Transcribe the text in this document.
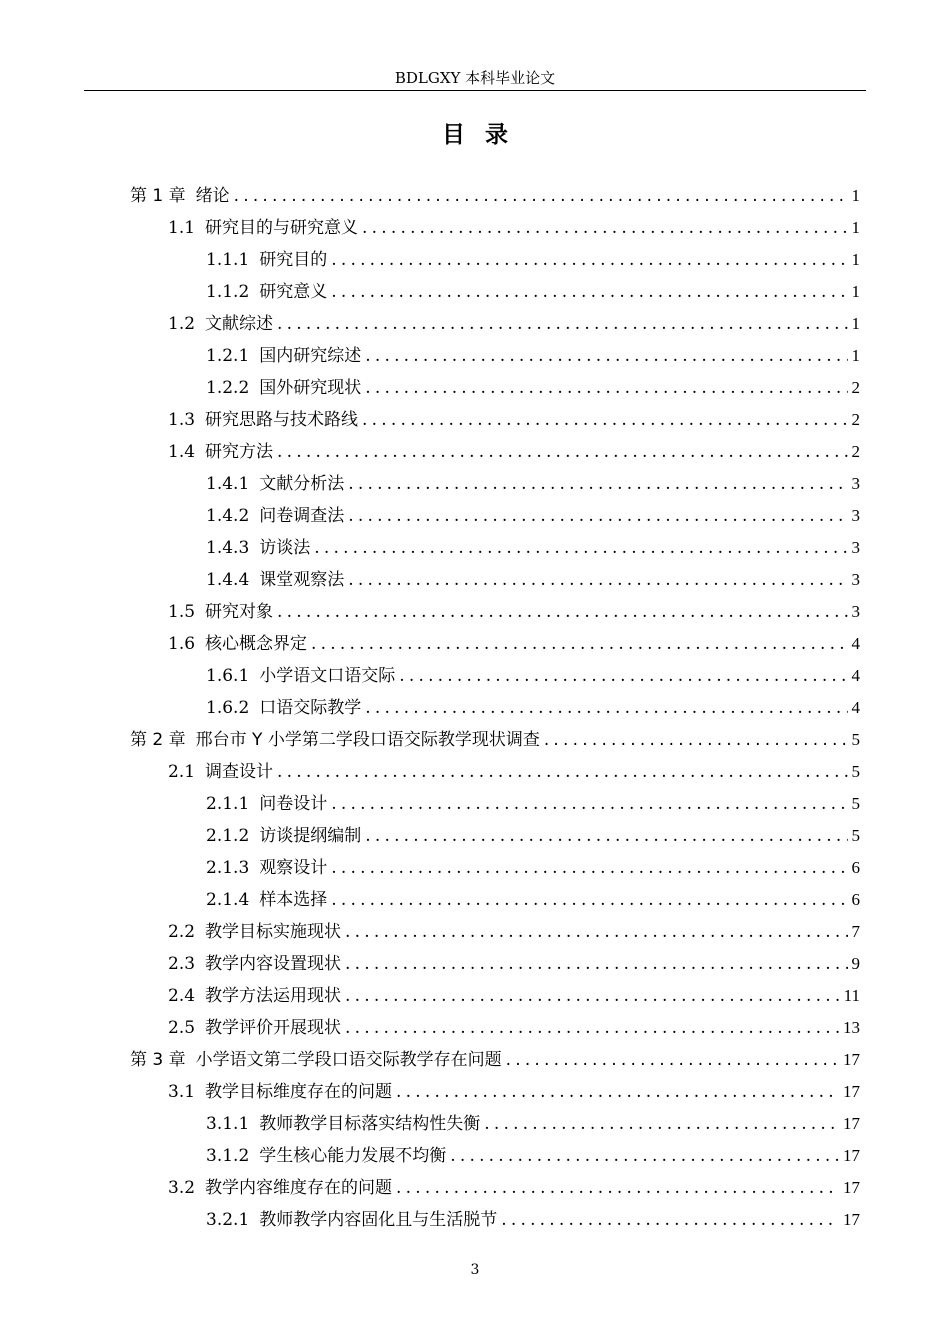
BDLGXY 本科毕业论文
目录
第 1 章 绪论 .....	1
1.1 研究目的与研究意义 .....	1
1.1.1 研究目的 .....	1
1.1.2 研究意义 .....	1
1.2 文献综述 .....	1
1.2.1 国内研究综述 .....	1
1.2.2 国外研究现状 .....	2
1.3 研究思路与技术路线 .....	2
1.4 研究方法 .....	2
1.4.1 文献分析法 .....	3
1.4.2 问卷调查法 .....	3
1.4.3 访谈法 .....	3
1.4.4 课堂观察法 .....	3
1.5 研究对象 .....	3
1.6 核心概念界定 .....	4
1.6.1 小学语文口语交际 .....	4
1.6.2 口语交际教学 .....	4
第 2 章 邢台市 Y 小学第二学段口语交际教学现状调查 .....	5
2.1 调查设计 .....	5
2.1.1 问卷设计 .....	5
2.1.2 访谈提纲编制 .....	5
2.1.3 观察设计 .....	6
2.1.4 样本选择 .....	6
2.2 教学目标实施现状 .....	7
2.3 教学内容设置现状 .....	9
2.4 教学方法运用现状 .....	11
2.5 教学评价开展现状 .....	13
第 3 章 小学语文第二学段口语交际教学存在问题 .....	17
3.1 教学目标维度存在的问题 .....	17
3.1.1 教师教学目标落实结构性失衡 .....	17
3.1.2 学生核心能力发展不均衡 .....	17
3.2 教学内容维度存在的问题 .....	17
3.2.1 教师教学内容固化且与生活脱节 .....	17
3
